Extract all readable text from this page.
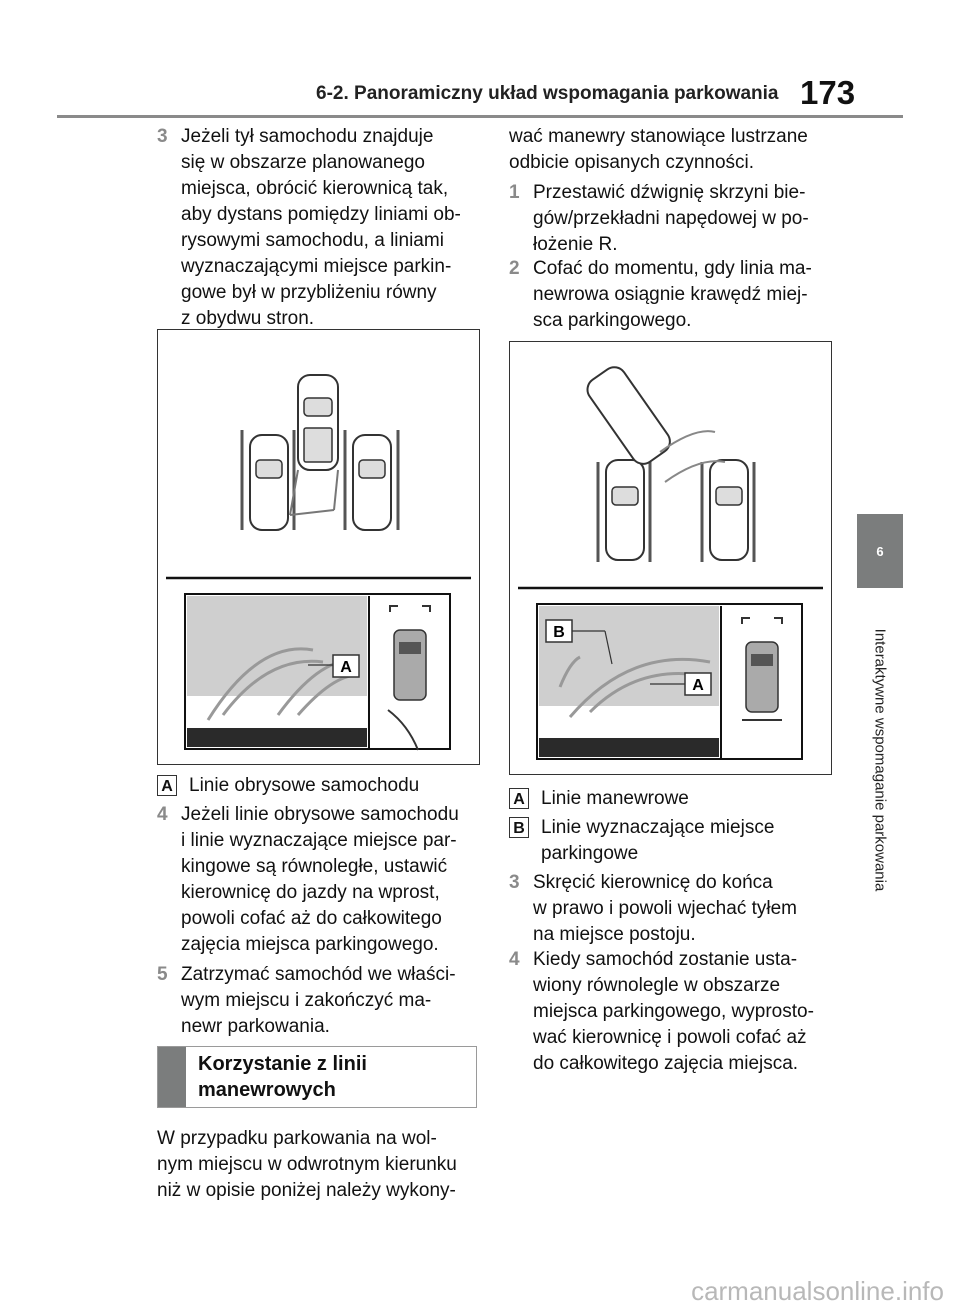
6-2. Panoramiczny układ wspomagania parkowania 173
6
Interaktywne wspomaganie parkowania
3 Jeżeli tył samochodu znajduje
się w obszarze planowanego
miejsca, obrócić kierownicą tak,
aby dystans pomiędzy liniami ob-
rysowymi samochodu, a liniami
wyznaczającymi miejsce parkin-
gowe był w przybliżeniu równy
z obydwu stron.
A
A Linie obrysowe samochodu
4 Jeżeli linie obrysowe samochodu
i linie wyznaczające miejsce par-
kingowe są równoległe, ustawić
kierownicę do jazdy na wprost,
powoli cofać aż do całkowitego
zajęcia miejsca parkingowego.
5 Zatrzymać samochód we właści-
wym miejscu i zakończyć ma-
newr parkowania.
Korzystanie z linii
manewrowych
W przypadku parkowania na wol-
nym miejscu w odwrotnym kierunku
niż w opisie poniżej należy wykony-
wać manewry stanowiące lustrzane
odbicie opisanych czynności.
1 Przestawić dźwignię skrzyni bie-
gów/przekładni napędowej w po-
łożenie R.
2 Cofać do momentu, gdy linia ma-
newrowa osiągnie krawędź miej-
sca parkingowego.
B
A
A Linie manewrowe
B Linie wyznaczające miejsce
parkingowe
3 Skręcić kierownicę do końca
w prawo i powoli wjechać tyłem
na miejsce postoju.
4 Kiedy samochód zostanie usta-
wiony równolegle w obszarze
miejsca parkingowego, wyprosto-
wać kierownicę i powoli cofać aż
do całkowitego zajęcia miejsca.
carmanualsonline.info
